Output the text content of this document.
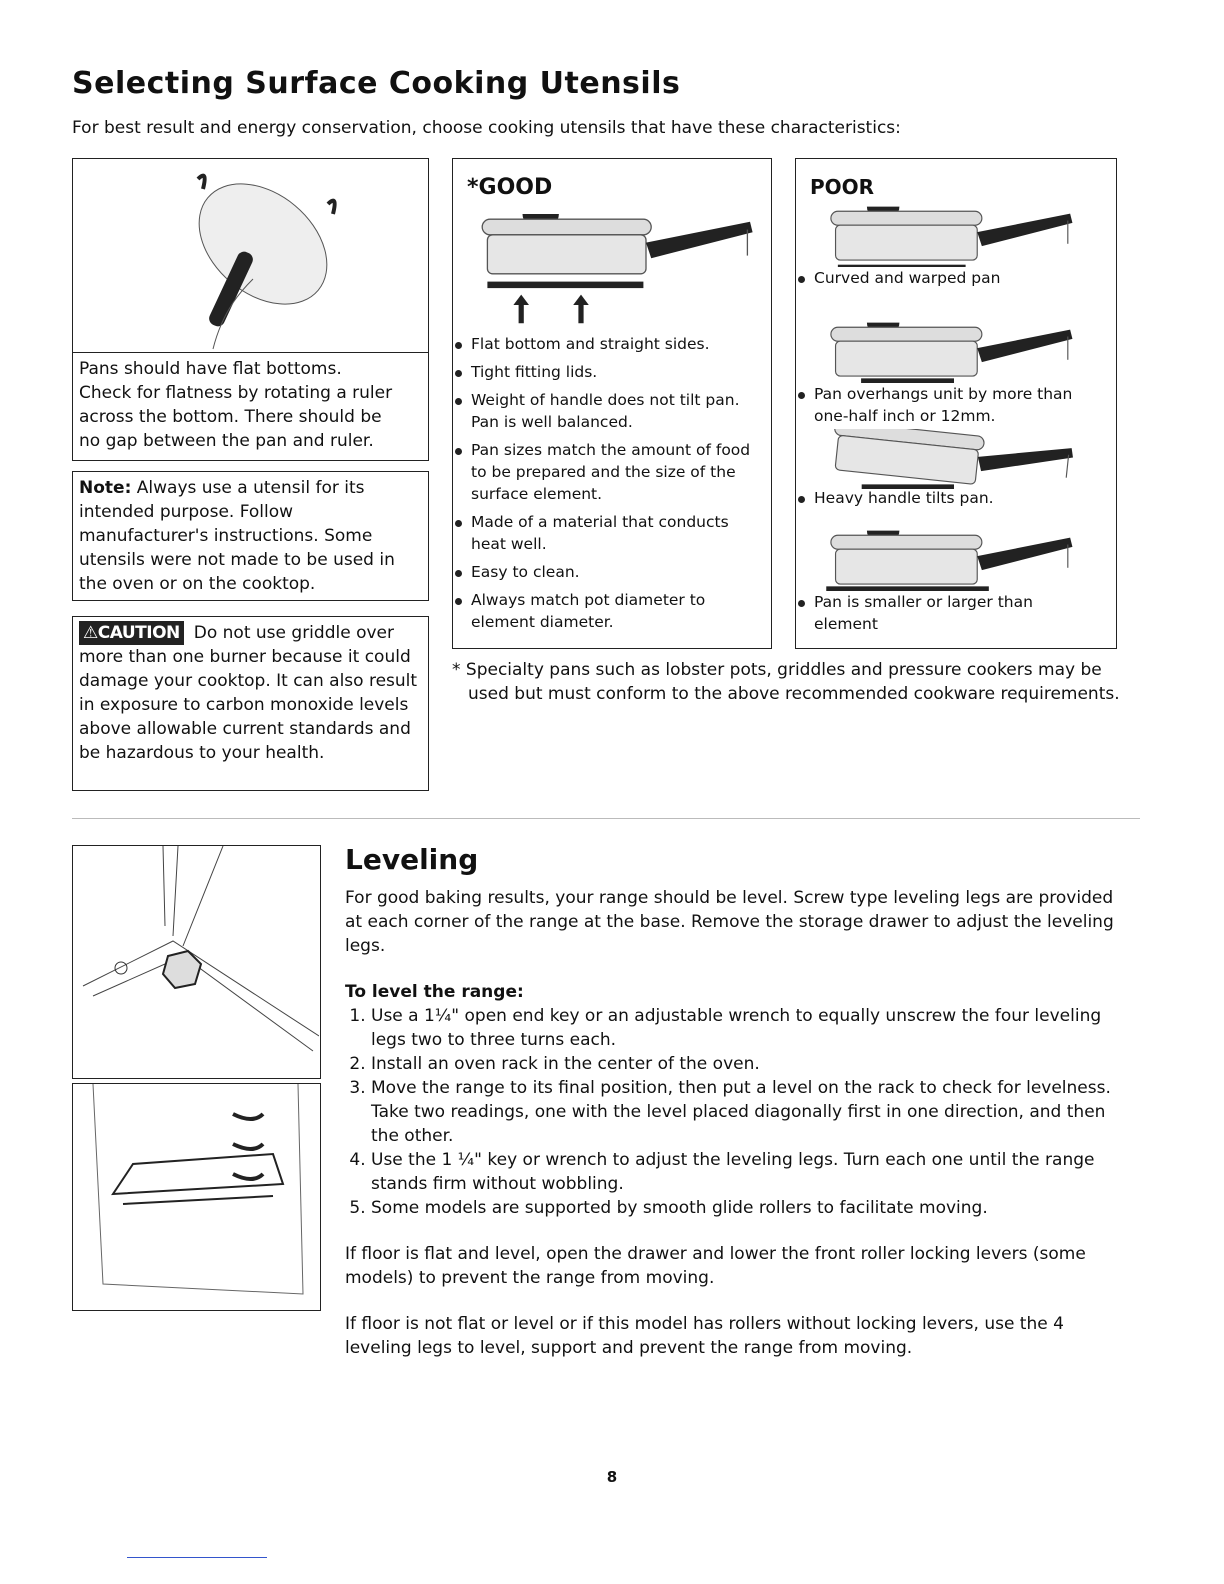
Selecting Surface Cooking Utensils
For best result and energy conservation, choose cooking utensils that have these characteristics:
Pans should have flat bottoms.
Check for flatness by rotating a ruler
across the bottom. There should be
no gap between the pan and ruler.
Note: Always use a utensil for its intended purpose. Follow manufacturer's instructions. Some utensils were not made to be used in the oven or on the cooktop.
⚠CAUTION Do not use griddle over more than one burner because it could damage your cooktop. It can also result in exposure to carbon monoxide levels above allowable current standards and be hazardous to your health.
*GOOD
Flat bottom and straight sides.
Tight fitting lids.
Weight of handle does not tilt pan. Pan is well balanced.
Pan sizes match the amount of food to be prepared and the size of the surface element.
Made of a material that conducts heat well.
Easy to clean.
Always match pot diameter to element diameter.
POOR
Curved and warped pan
Pan overhangs unit by more than one-half inch or 12mm.
Heavy handle tilts pan.
Pan is smaller or larger than element
* Specialty pans such as lobster pots, griddles and pressure cookers may be used but must conform to the above recommended cookware requirements.
Leveling
For good baking results, your range should be level. Screw type leveling legs are provided at each corner of the range at the base. Remove the storage drawer to adjust the leveling legs.
To level the range:
1. Use a 1¼" open end key or an adjustable wrench to equally unscrew the four leveling legs two to three turns each.
2. Install an oven rack in the center of the oven.
3. Move the range to its final position, then put a level on the rack to check for levelness. Take two readings, one with the level placed diagonally first in one direction, and then the other.
4. Use the 1 ¼" key or wrench to adjust the leveling legs. Turn each one until the range stands firm without wobbling.
5. Some models are supported by smooth glide rollers to facilitate moving.
If floor is flat and level, open the drawer and lower the front roller locking levers (some models) to prevent the range from moving.
If floor is not flat or level or if this model has rollers without locking levers, use the 4 leveling legs to level, support and prevent the range from moving.
8
